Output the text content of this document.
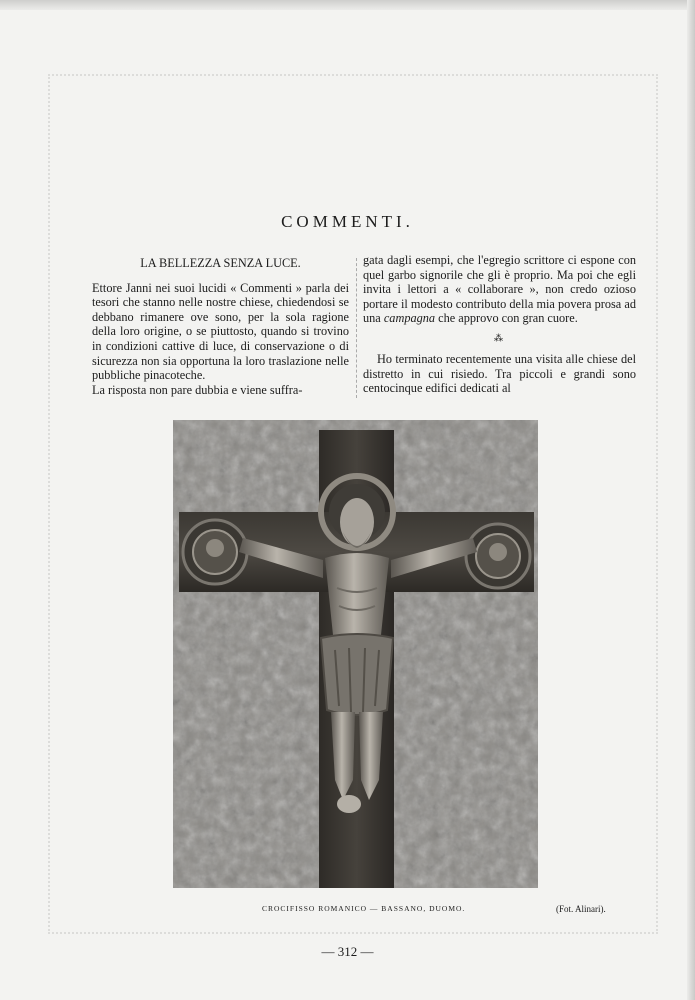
COMMENTI.
LA BELLEZZA SENZA LUCE.

Ettore Janni nei suoi lucidi « Commenti » parla dei tesori che stanno nelle nostre chiese, chiedendosi se debbano rimanere ove sono, per la sola ragione della loro origine, o se piuttosto, quando si trovino in condizioni cattive di luce, di conservazione o di sicurezza non sia opportuna la loro traslazione nelle pubbliche pinacoteche.

La risposta non pare dubbia e viene suffra-

gata dagli esempi, che l'egregio scrittore ci espone con quel garbo signorile che gli è proprio. Ma poi che egli invita i lettori a « collaborare », non credo ozioso portare il modesto contributo della mia povera prosa ad una campagna che approvo con gran cuore.

⁂

Ho terminato recentemente una visita alle chiese del distretto in cui risiedo. Tra piccoli e grandi sono centocinque edifici dedicati al

CROCIFISSO ROMANICO — BASSANO, DUOMO.	(Fot. Alinari).
— 312 —
